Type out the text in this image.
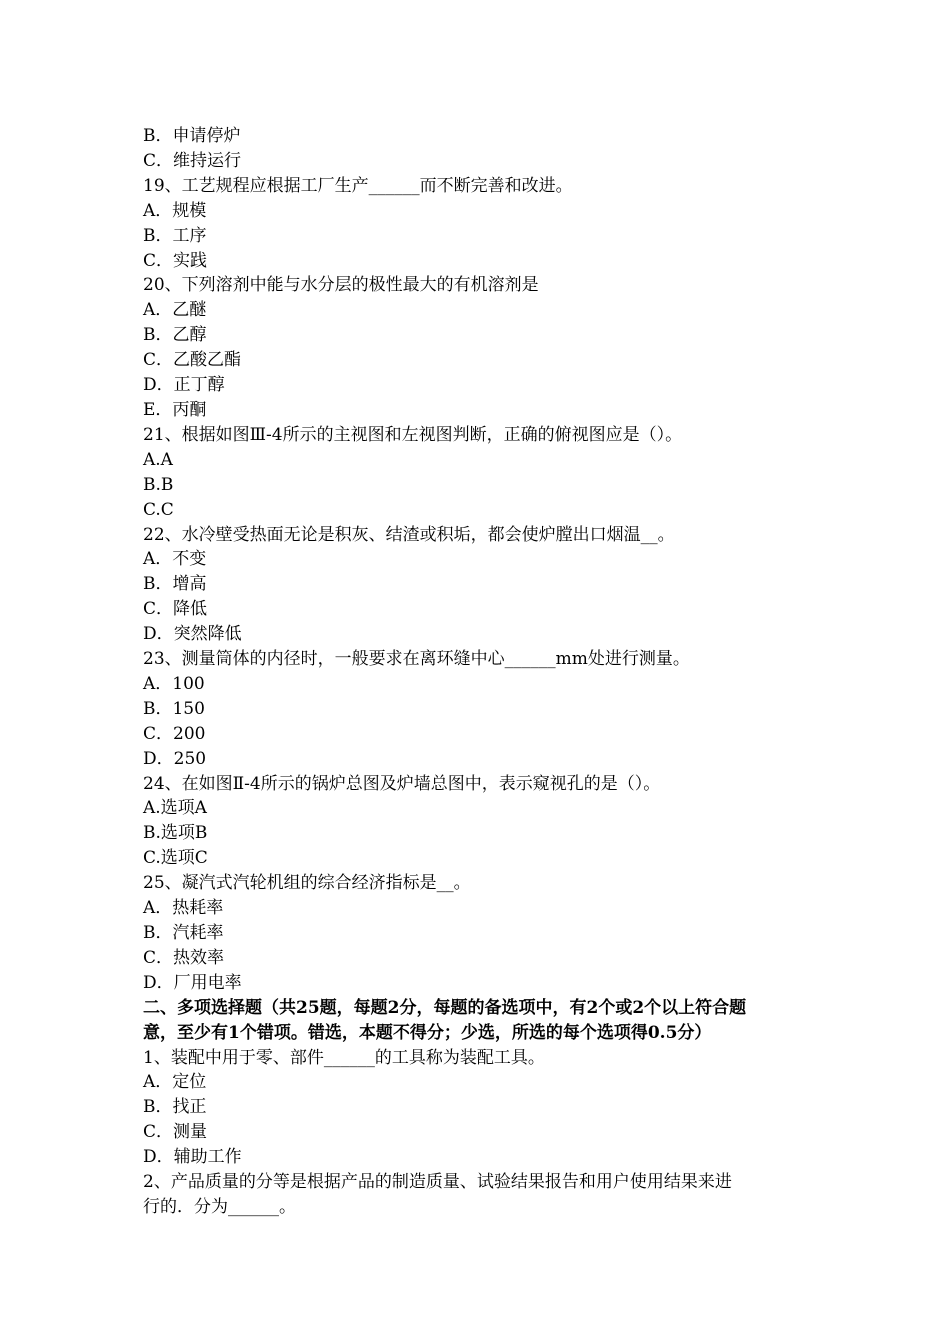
B．申请停炉
C．维持运行
19、工艺规程应根据工厂生产______而不断完善和改进。
A．规模
B．工序
C．实践
20、下列溶剂中能与水分层的极性最大的有机溶剂是
A．乙醚
B．乙醇
C．乙酸乙酯
D．正丁醇
E．丙酮
21、根据如图Ⅲ-4所示的主视图和左视图判断，正确的俯视图应是（）。
A.A
B.B
C.C
22、水冷壁受热面无论是积灰、结渣或积垢，都会使炉膛出口烟温__。
A．不变
B．增高
C．降低
D．突然降低
23、测量筒体的内径时，一般要求在离环缝中心______mm处进行测量。
A．100
B．150
C．200
D．250
24、在如图Ⅱ-4所示的锅炉总图及炉墙总图中，表示窥视孔的是（）。
A.选项A
B.选项B
C.选项C
25、凝汽式汽轮机组的综合经济指标是__。
A．热耗率
B．汽耗率
C．热效率
D．厂用电率
二、多项选择题（共25题，每题2分，每题的备选项中，有2个或2个以上符合题
意，至少有1个错项。错选，本题不得分；少选，所选的每个选项得0.5分）
1、装配中用于零、部件______的工具称为装配工具。
A．定位
B．找正
C．测量
D．辅助工作
2、产品质量的分等是根据产品的制造质量、试验结果报告和用户使用结果来进
行的．分为______。
